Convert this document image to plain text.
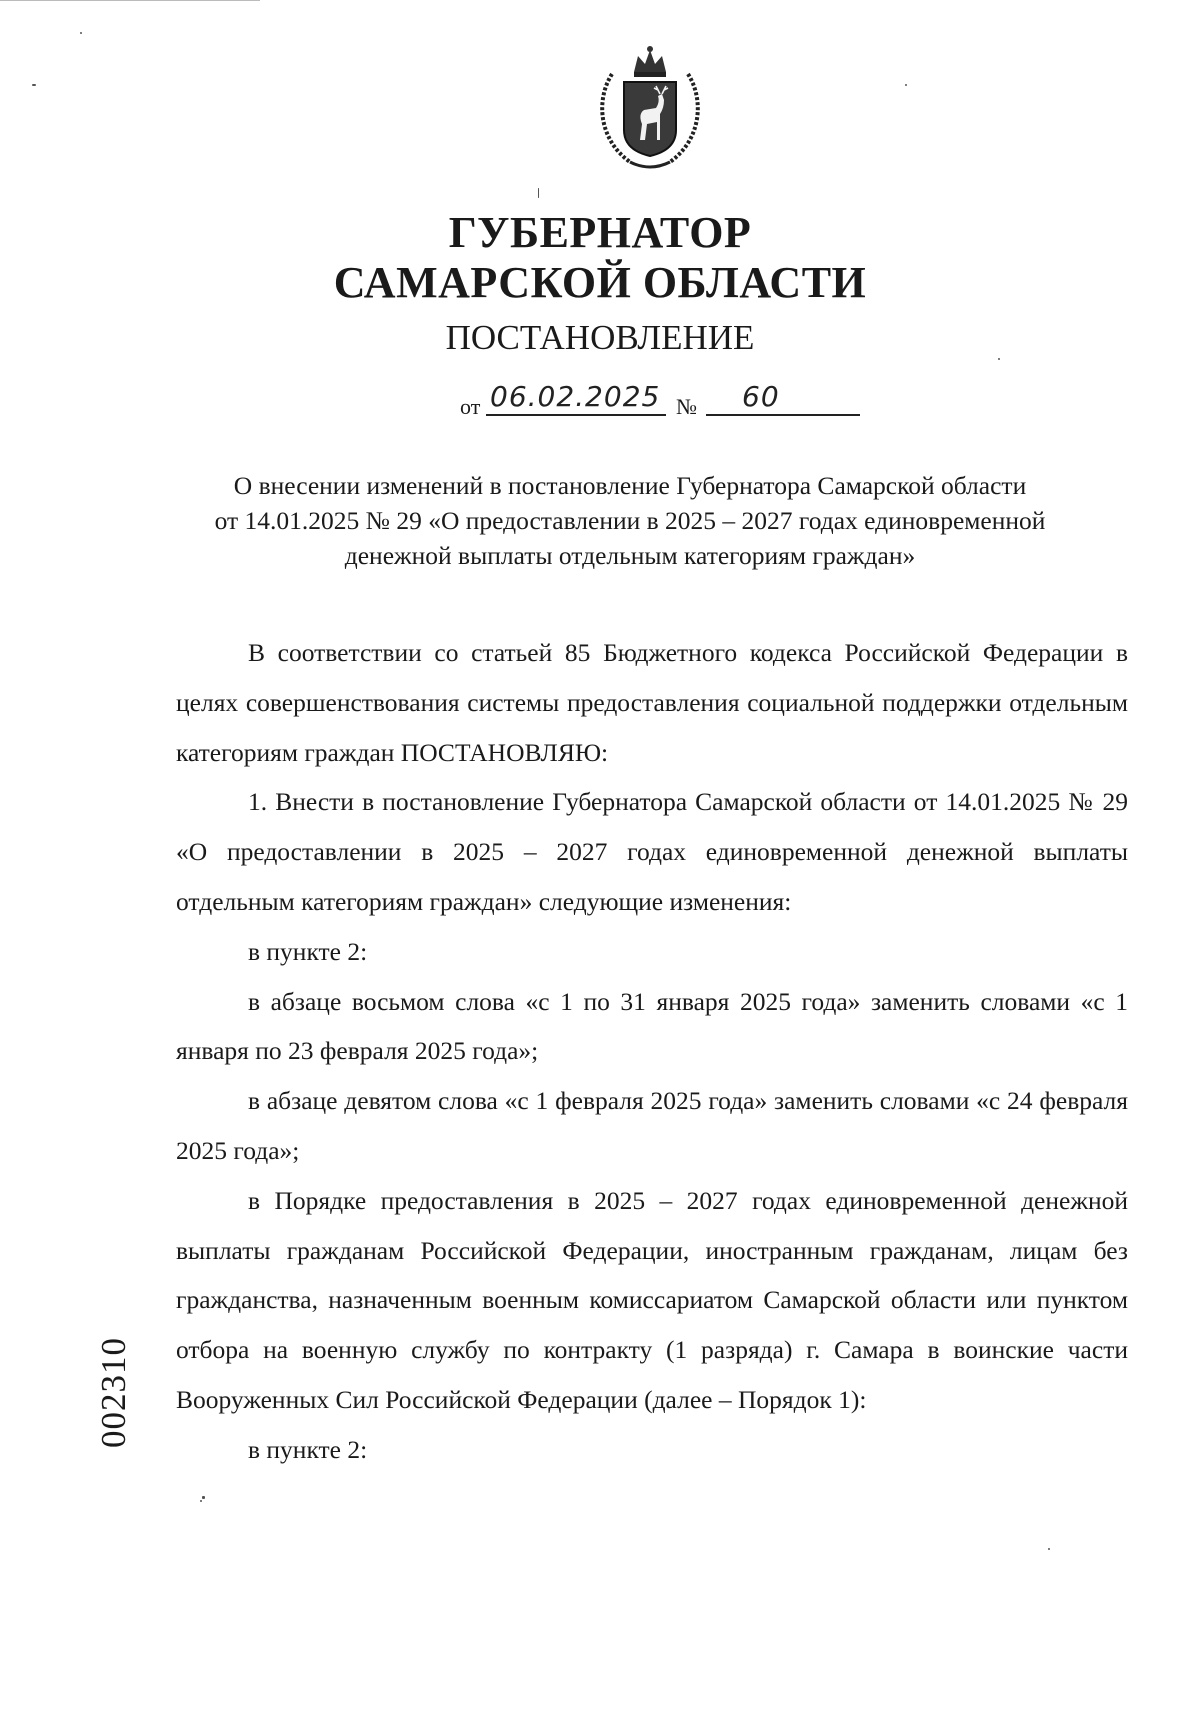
ГУБЕРНАТОР
САМАРСКОЙ ОБЛАСТИ
ПОСТАНОВЛЕНИЕ
от 06.02.2025 № 60
О внесении изменений в постановление Губернатора Самарской области
от 14.01.2025 № 29 «О предоставлении в 2025 – 2027 годах единовременной
денежной выплаты отдельным категориям граждан»

В соответствии со статьей 85 Бюджетного кодекса Российской Федерации в целях совершенствования системы предоставления социальной поддержки отдельным категориям граждан ПОСТАНОВЛЯЮ:

1. Внести в постановление Губернатора Самарской области от 14.01.2025 № 29 «О предоставлении в 2025 – 2027 годах единовременной денежной выплаты отдельным категориям граждан» следующие изменения:

в пункте 2:

в абзаце восьмом слова «с 1 по 31 января 2025 года» заменить словами «с 1 января по 23 февраля 2025 года»;

в абзаце девятом слова «с 1 февраля 2025 года» заменить словами «с 24 февраля 2025 года»;

в Порядке предоставления в 2025 – 2027 годах единовременной денежной выплаты гражданам Российской Федерации, иностранным гражданам, лицам без гражданства, назначенным военным комиссариатом Самарской области или пунктом отбора на военную службу по контракту (1 разряда) г. Самара в воинские части Вооруженных Сил Российской Федерации (далее – Порядок 1):

в пункте 2:

002310
